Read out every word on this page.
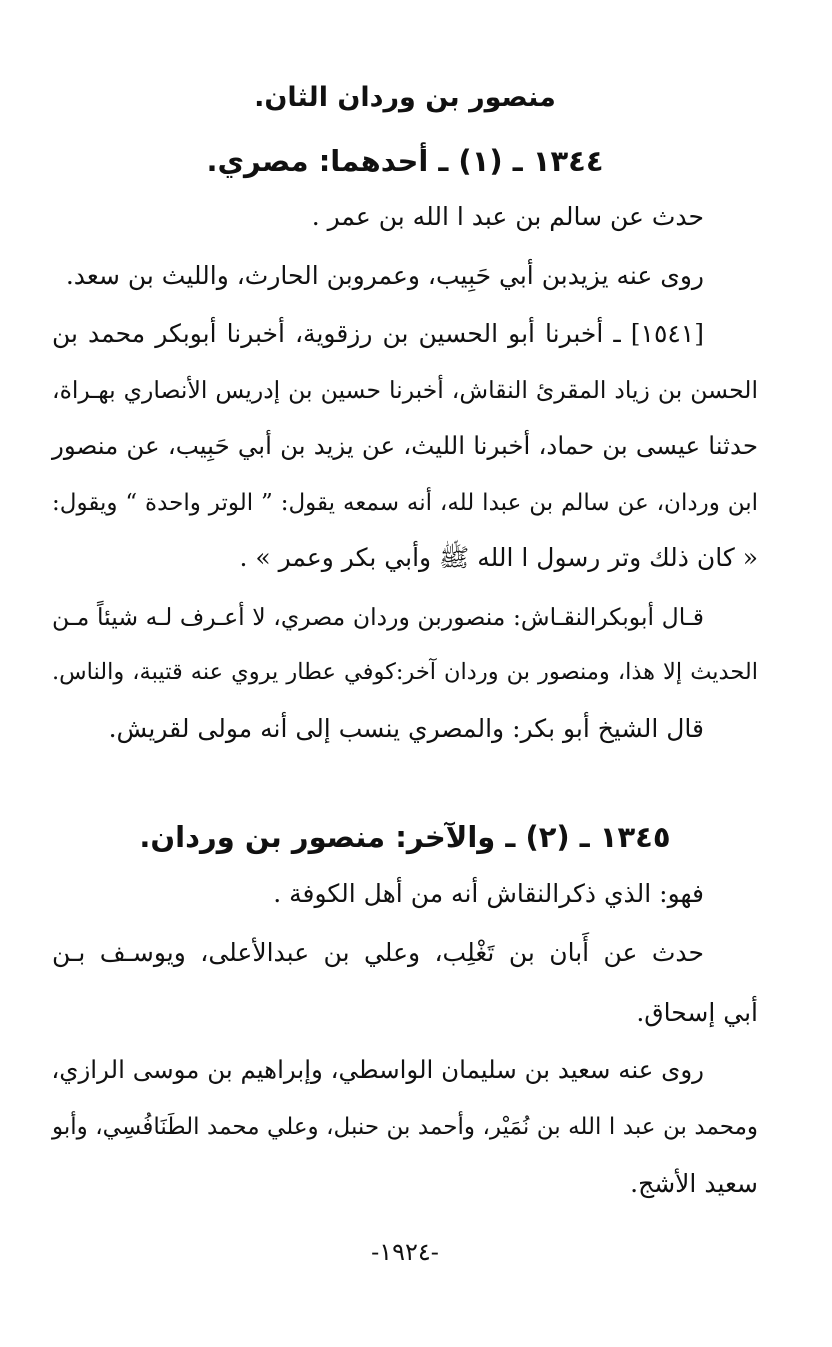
منصور بن وردان الثان.
١٣٤٤ ـ (١) ـ أحدهما: مصري.
حدث عن سالم بن عبد ا الله بن عمر .
روى عنه يزيدبن أبي حَبِيب، وعمروبن الحارث، والليث بن سعد.
[١٥٤١] ـ أخبرنا أبو الحسين بن رزقوية، أخبرنا أبوبكر محمد بن
الحسن بن زياد المقرئ النقاش، أخبرنا حسين بن إدريس الأنصاري بهـراة،
حدثنا عيسى بن حماد، أخبرنا الليث، عن يزيد بن أبي حَبِيب، عن منصور
ابن وردان، عن سالم بن عبدا لله، أنه سمعه يقول: ” الوتر واحدة “ ويقول:
« كان ذلك وتر رسول ا الله ﷺ وأبي بكر وعمر » .
قـال أبوبكرالنقـاش: منصوربن وردان مصري، لا أعـرف لـه شيئاً مـن
الحديث إلا هذا، ومنصور بن وردان آخر:كوفي عطار يروي عنه قتيبة، والناس.
قال الشيخ أبو بكر: والمصري ينسب إلى أنه مولى لقريش.
١٣٤٥ ـ (٢) ـ والآخر: منصور بن وردان.
فهو: الذي ذكرالنقاش أنه من أهل الكوفة .
حدث عن أَبان بن تَغْلِب، وعلي بن عبدالأعلى، ويوسـف بـن
أبي إسحاق.
روى عنه سعيد بن سليمان الواسطي، وإبراهيم بن موسى الرازي،
ومحمد بن عبد ا الله بن نُمَيْر، وأحمد بن حنبل، وعلي محمد الطَنَافُسِي، وأبو
سعيد الأشج.
-١٩٢٤-
